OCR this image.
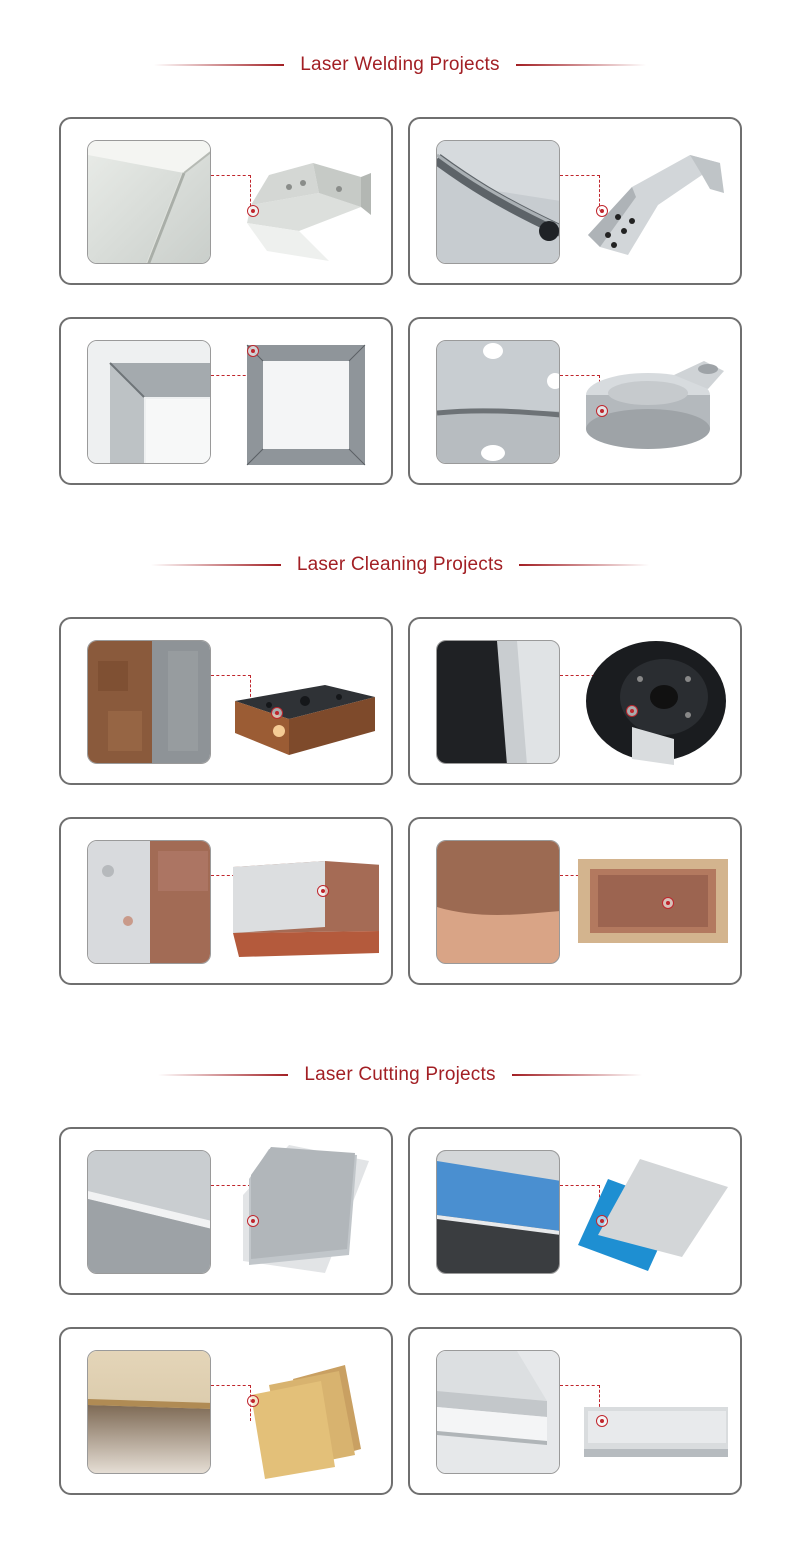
Laser Welding Projects
Laser Cleaning Projects
Laser Cutting Projects
